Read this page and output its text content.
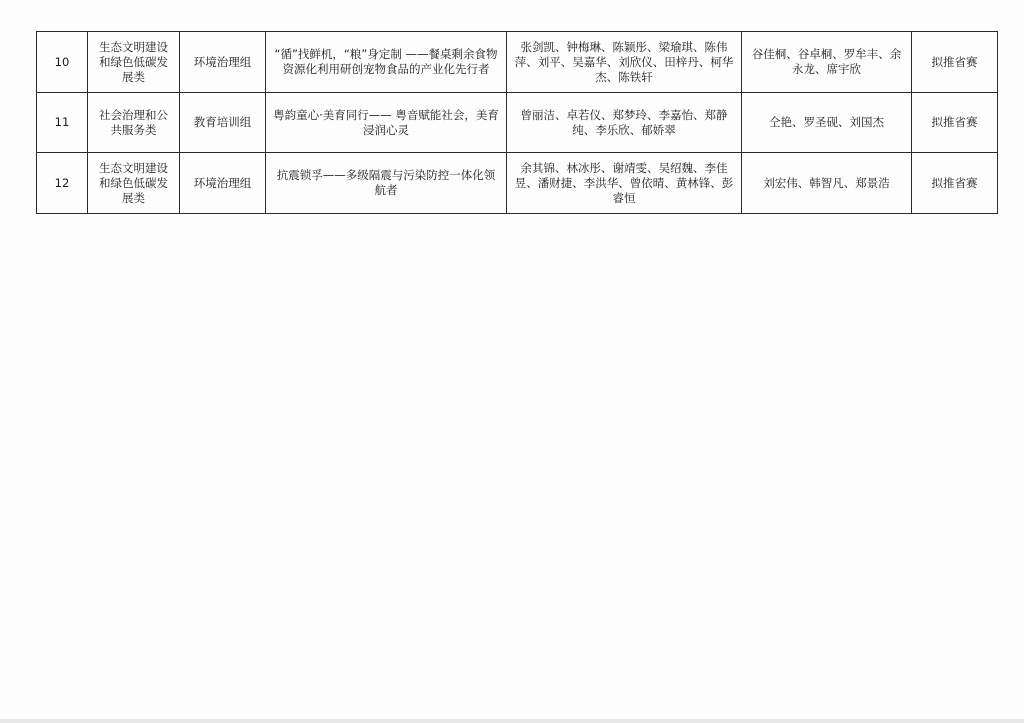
10	生态文明建设和绿色低碳发展类	环境治理组	“循”找鲜机，“粮”身定制 ——餐桌剩余食物资源化利用研创宠物食品的产业化先行者	张剑凯、钟梅琳、陈颖彤、梁瑜琪、陈伟萍、刘平、吴嘉华、刘欣仪、田梓丹、柯华杰、陈铁轩	谷佳桐、谷卓桐、罗牟丰、余永龙、席宇欣	拟推省赛
11	社会治理和公共服务类	教育培训组	粤韵童心·美育同行—— 粤音赋能社会，美育浸润心灵	曾丽洁、卓若仪、郑梦玲、李嘉怡、郑静纯、李乐欣、郁娇翠	仝艳、罗圣砚、刘国杰	拟推省赛
12	生态文明建设和绿色低碳发展类	环境治理组	抗震锁孚——多级隔震与污染防控一体化领航者	余其锦、林冰彤、谢靖雯、吴绍魏、李佳昱、潘财捷、李洪华、曾依晴、黄林锋、彭睿恒	刘宏伟、韩智凡、郑景浩	拟推省赛
